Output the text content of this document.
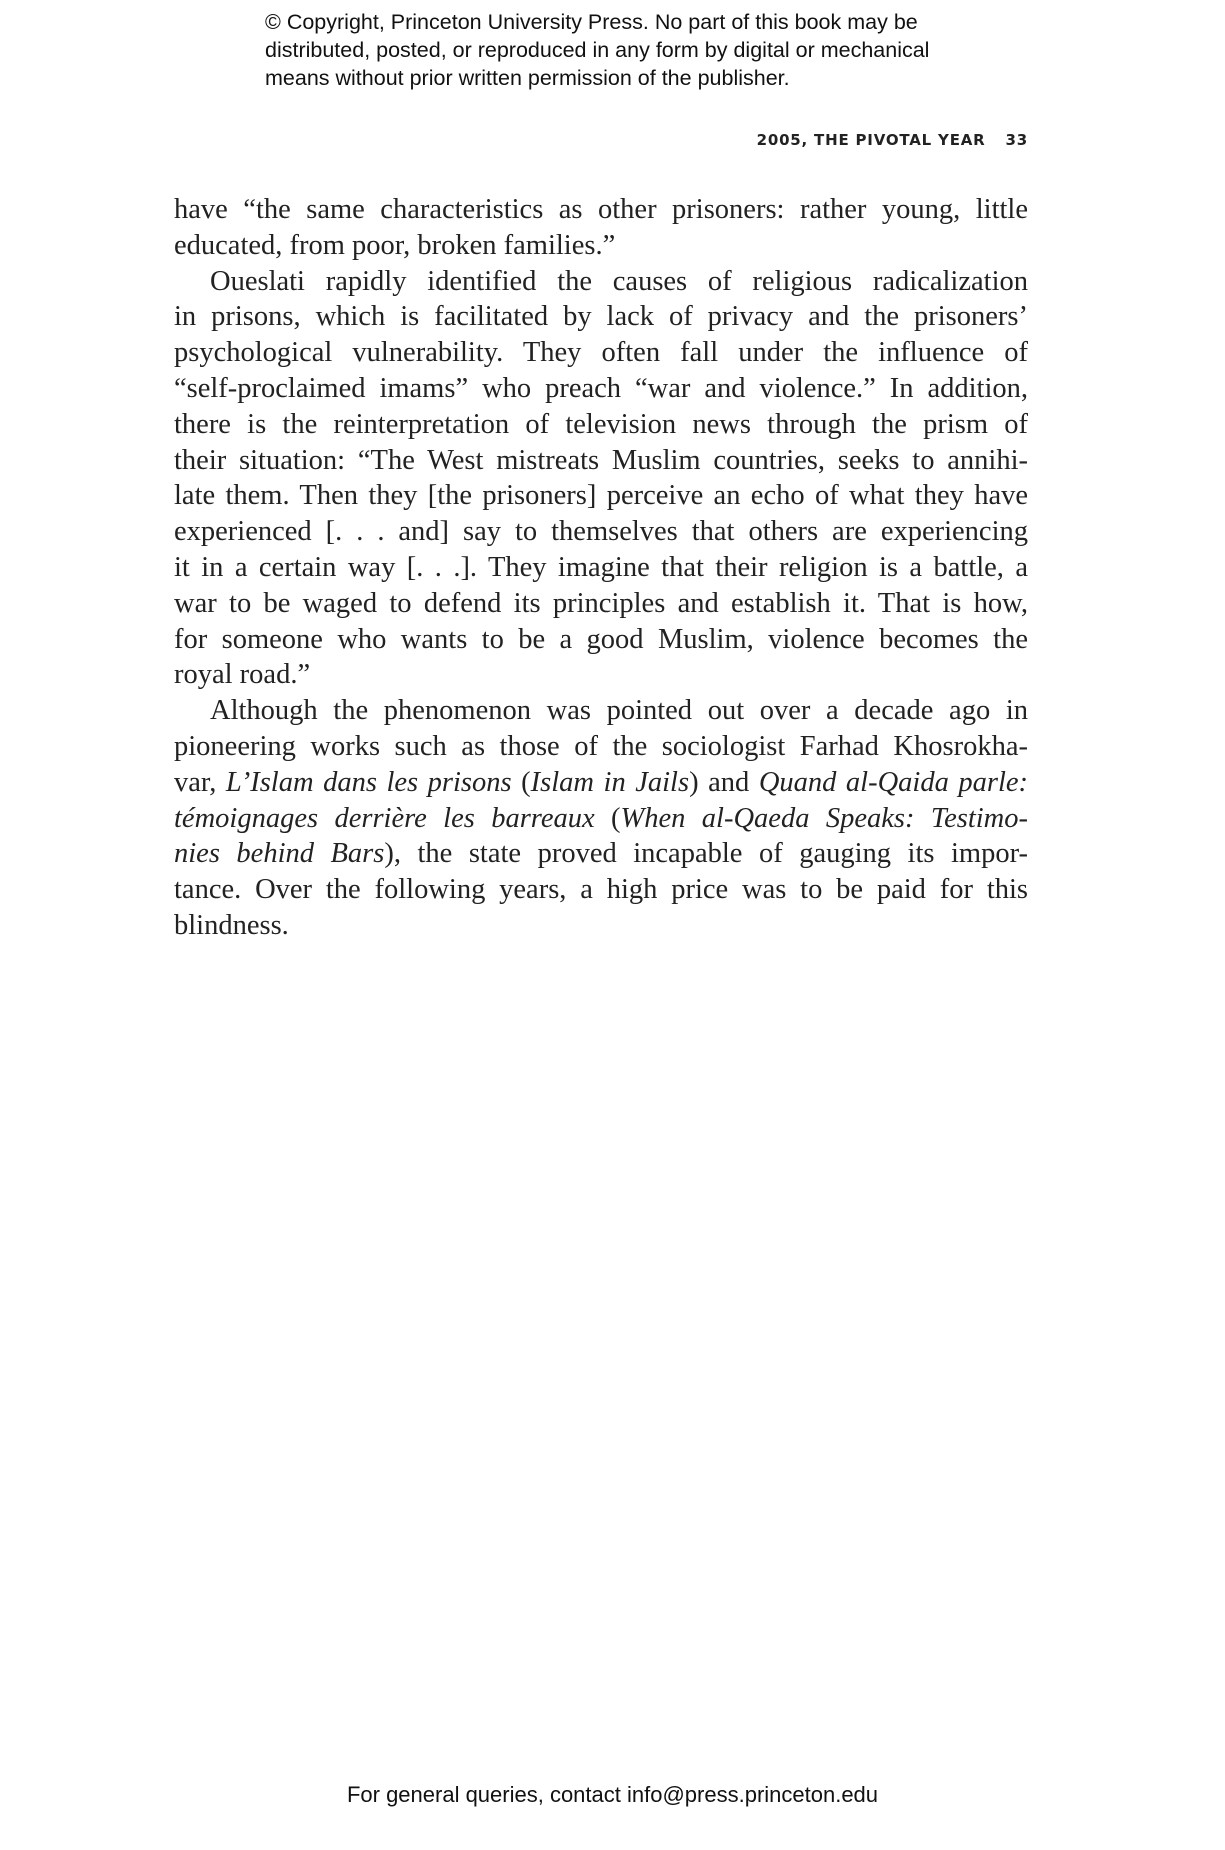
© Copyright, Princeton University Press. No part of this book may be
distributed, posted, or reproduced in any form by digital or mechanical
means without prior written permission of the publisher.
2005, THE PIVOTAL YEAR 33
have “the same characteristics as other prisoners: rather young, little
educated, from poor, broken families.”
Oueslati rapidly identified the causes of religious radicalization
in prisons, which is facilitated by lack of privacy and the prisoners’
psychological vulnerability. They often fall under the influence of
“self-proclaimed imams” who preach “war and violence.” In addition,
there is the reinterpretation of television news through the prism of
their situation: “The West mistreats Muslim countries, seeks to annihi-
late them. Then they [the prisoners] perceive an echo of what they have
experienced [. . . and] say to themselves that others are experiencing
it in a certain way [. . .]. They imagine that their religion is a battle, a
war to be waged to defend its principles and establish it. That is how,
for someone who wants to be a good Muslim, violence becomes the
royal road.”
Although the phenomenon was pointed out over a decade ago in
pioneering works such as those of the sociologist Farhad Khosrokha-
var, L’Islam dans les prisons (Islam in Jails) and Quand al-Qaida parle:
témoignages derrière les barreaux (When al-Qaeda Speaks: Testimo-
nies behind Bars), the state proved incapable of gauging its impor-
tance. Over the following years, a high price was to be paid for this
blindness.
For general queries, contact info@press.princeton.edu
